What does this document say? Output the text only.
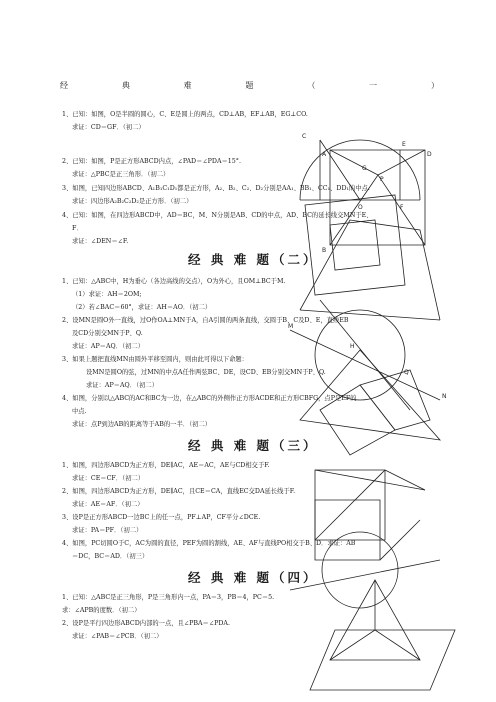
经	典	难	题	（	一	）
1、已知：如图，O是半圆的圆心，C、E是圆上的两点，CD⊥AB，EF⊥AB，EG⊥CO.
求证：CD＝GF．（初二）
2、已知：如图，P是正方形ABCD内点，∠PAD＝∠PDA＝15°.
求证：△PBC是正三角形．（初二）
3、如图，已知四边形ABCD、A₁B₁C₁D₁都是正方形，A₂、B₂、C₂、D₂分别是AA₁、BB₁、CC₁、DD₁的中点.
求证：四边形A₂B₂C₂D₂是正方形．（初二）
4、已知：如图，在四边形ABCD中，AD＝BC，M、N分别是AB、CD的中点，AD、BC的延长线交MN于E、
F．
求证：∠DEN＝∠F.
经 典 难 题（二）
1、已知：△ABC中，H为垂心（各边高线的交点），O为外心，且OM⊥BC于M.
（1）求证：AH＝2OM;
（2）若∠BAC＝60°，求证：AH＝AO．（初二）
2、设MN是圆O外一直线，过O作OA⊥MN于A，自A引圆的两条直线，交圆于B、C及D、E，直线EB
及CD分别交MN于P、Q.
求证：AP＝AQ．（初二）
3、如果上题把直线MN由圆外平移至圆内，则由此可得以下命题：
设MN是圆O的弦，过MN的中点A任作两弦BC、DE，设CD、EB分别交MN于P、Q.
求证：AP＝AQ．（初二）
4、如图，分别以△ABC的AC和BC为一边，在△ABC的外侧作正方形ACDE和正方形CBFG，点P是EF的
中点.
求证：点P到边AB的距离等于AB的一半．（初二）
经 典 难 题（三）
1、如图，四边形ABCD为正方形，DE∥AC，AE＝AC，AE与CD相交于F.
求证：CE＝CF．（初二）
2、如图，四边形ABCD为正方形，DE∥AC，且CE＝CA，直线EC交DA延长线于F.
求证：AE＝AF．（初二）
3、设P是正方形ABCD一边BC上的任一点，PF⊥AP，CF平分∠DCE.
求证：PA＝PF．（初二）
4、如图，PC切圆O于C，AC为圆的直径，PEF为圆的割线，AE、AF与直线PO相交于B、D．求证：AB
＝DC，BC＝AD．（初三）
经 典 难 题（四）
1、已知：△ABC是正三角形，P是三角形内一点，PA＝3，PB＝4，PC＝5.
求：∠APB的度数．（初二）
2、设P是平行四边形ABCD内部的一点，且∠PBA＝∠PDA.
求证：∠PAB＝∠PCB．（初二）
C
A
E
D
F
G
B
O
P
M
N
H
Q
